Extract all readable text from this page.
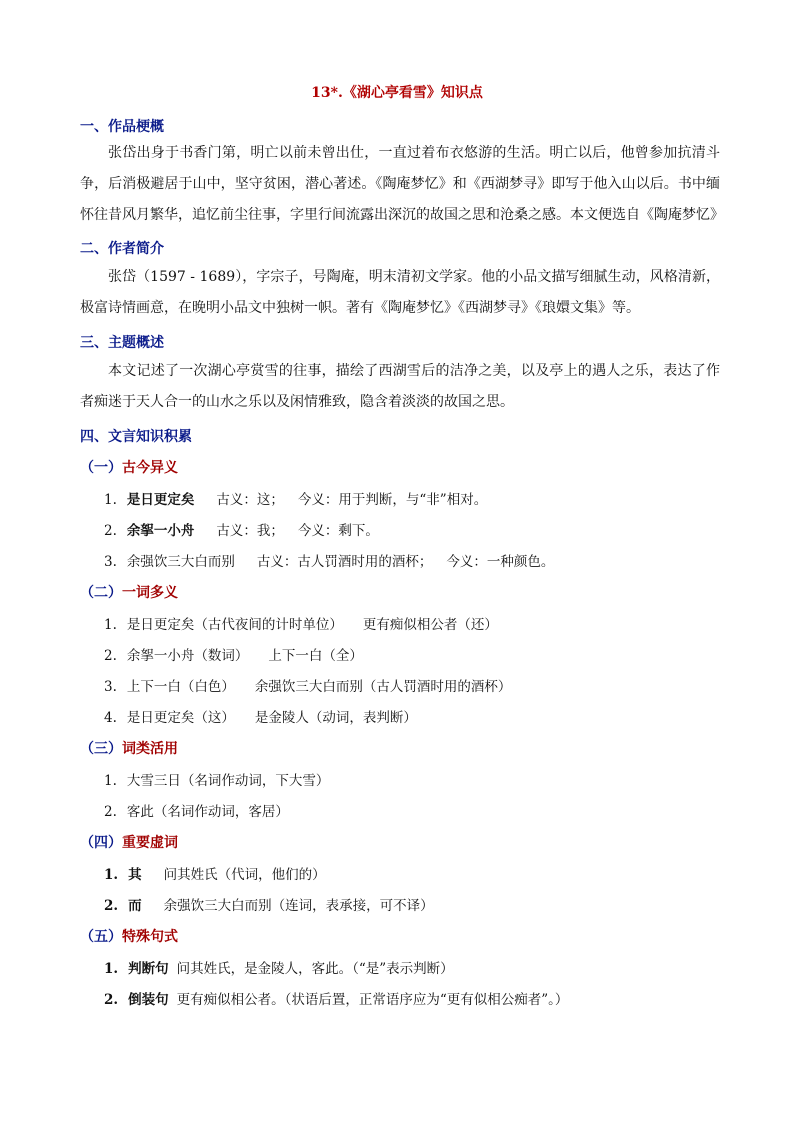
13*.《湖心亭看雪》知识点
一、作品梗概

张岱出身于书香门第，明亡以前未曾出仕，一直过着布衣悠游的生活。明亡以后，他曾参加抗清斗争，后消极避居于山中，坚守贫困，潜心著述。《陶庵梦忆》和《西湖梦寻》即写于他入山以后。书中缅怀往昔风月繁华，追忆前尘往事，字里行间流露出深沉的故国之思和沧桑之感。本文便选自《陶庵梦忆》

二、作者简介

张岱（1597 - 1689），字宗子，号陶庵，明末清初文学家。他的小品文描写细腻生动，风格清新，极富诗情画意，在晚明小品文中独树一帜。著有《陶庵梦忆》《西湖梦寻》《琅嬛文集》等。

三、主题概述

本文记述了一次湖心亭赏雪的往事，描绘了西湖雪后的洁净之美，以及亭上的遇人之乐，表达了作者痴迷于天人合一的山水之乐以及闲情雅致，隐含着淡淡的故国之思。

四、文言知识积累
（一）古今异义
1. 是日更定矣 古义：这； 今义：用于判断，与“非”相对。
2. 余挐一小舟 古义：我； 今义：剩下。
3. 余强饮三大白而别 古义：古人罚酒时用的酒杯； 今义：一种颜色。
（二）一词多义
1. 是日更定矣（古代夜间的计时单位） 更有痴似相公者（还）
2. 余挐一小舟（数词） 上下一白（全）
3. 上下一白（白色） 余强饮三大白而别（古人罚酒时用的酒杯）
4. 是日更定矣（这） 是金陵人（动词，表判断）
（三）词类活用
1. 大雪三日（名词作动词，下大雪）
2. 客此（名词作动词，客居）
（四）重要虚词
1. 其 问其姓氏（代词，他们的）
2. 而 余强饮三大白而别（连词，表承接，可不译）
（五）特殊句式
1. 判断句 问其姓氏，是金陵人，客此。（“是”表示判断）
2. 倒装句 更有痴似相公者。（状语后置，正常语序应为“更有似相公痴者”。）
